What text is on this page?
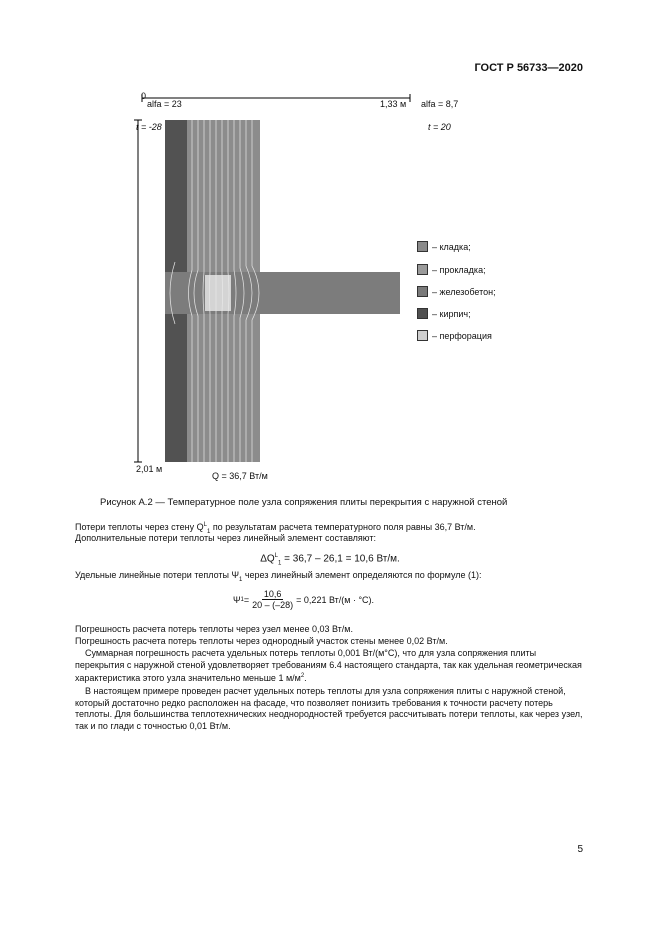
ГОСТ Р 56733—2020
0
alfa = 23	1,33 м alfa = 8,7
t = -28	t = 20
2,01 м
Q = 36,7 Вт/м
– кладка;
– прокладка;
– железобетон;
– кирпич;
– перфорация
Рисунок А.2 — Температурное поле узла сопряжения плиты перекрытия с наружной стеной
Потери теплоты через стену $Q^L_1$ по результатам расчета температурного поля равны 36,7 Вт/м.
Дополнительные потери теплоты через линейный элемент составляют:
$\Delta Q^L_1 = 36,7 - 26,1 = 10,6$ Вт/м.
Удельные линейные потери теплоты $\Psi_1$ через линейный элемент определяются по формуле (1):
Ψ $1 = \frac{10,6}{20 - (-28)} = 0,221$ Вт/(м · °С).
Погрешность расчета потерь теплоты через узел менее 0,03 Вт/м.
Погрешность расчета потерь теплоты через однородный участок стены менее 0,02 Вт/м.
Суммарная погрешность расчета удельных потерь теплоты 0,001 Вт/(м°С), что для узла сопряжения плиты перекрытия с наружной стеной удовлетворяет требованиям 6.4 настоящего стандарта, так как удельная геометрическая характеристика этого узла значительно меньше 1 $м/м^2$.
В настоящем примере проведен расчет удельных потерь теплоты для узла сопряжения плиты с наружной стеной, который достаточно редко расположен на фасаде, что позволяет понизить требования к точности расчету потерь теплоты. Для большинства теплотехнических неоднородностей требуется рассчитывать потери теплоты, как через узел, так и по глади с точностью 0,01 Вт/м.
5
